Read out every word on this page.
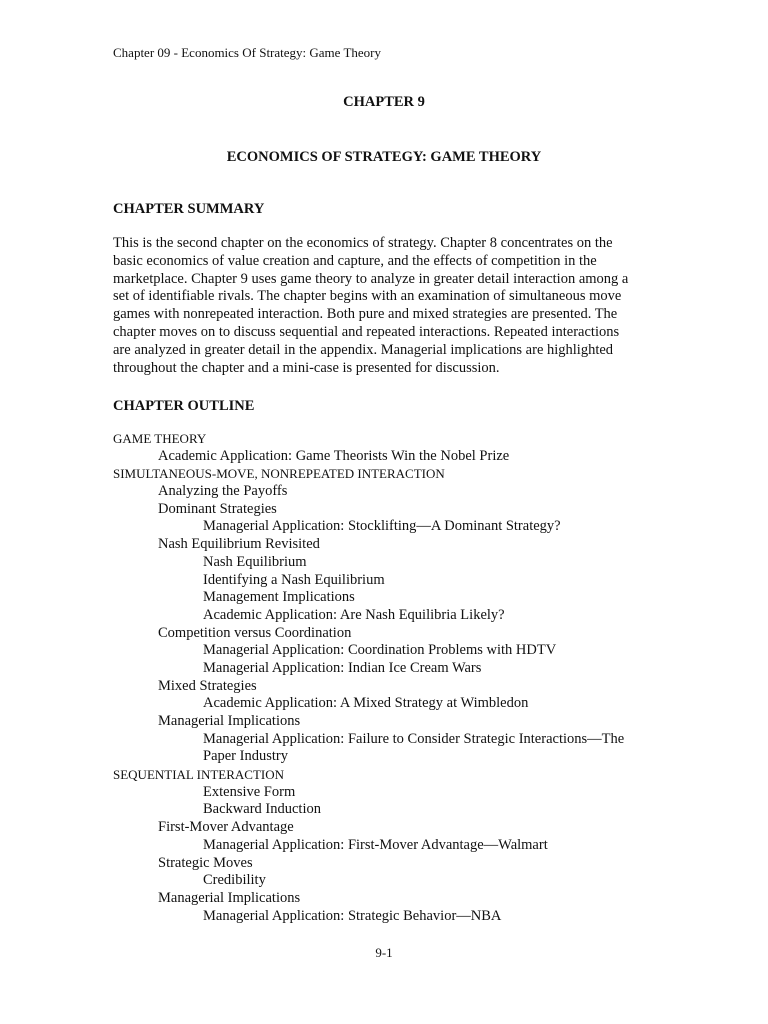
Chapter 09 - Economics Of Strategy: Game Theory
CHAPTER 9
ECONOMICS OF STRATEGY: GAME THEORY
CHAPTER SUMMARY
This is the second chapter on the economics of strategy. Chapter 8 concentrates on the
basic economics of value creation and capture, and the effects of competition in the
marketplace. Chapter 9 uses game theory to analyze in greater detail interaction among a
set of identifiable rivals. The chapter begins with an examination of simultaneous move
games with nonrepeated interaction. Both pure and mixed strategies are presented. The
chapter moves on to discuss sequential and repeated interactions. Repeated interactions
are analyzed in greater detail in the appendix. Managerial implications are highlighted
throughout the chapter and a mini-case is presented for discussion.
CHAPTER OUTLINE
GAME THEORY
Academic Application: Game Theorists Win the Nobel Prize
SIMULTANEOUS-MOVE, NONREPEATED INTERACTION
Analyzing the Payoffs
Dominant Strategies
Managerial Application: Stocklifting—A Dominant Strategy?
Nash Equilibrium Revisited
Nash Equilibrium
Identifying a Nash Equilibrium
Management Implications
Academic Application: Are Nash Equilibria Likely?
Competition versus Coordination
Managerial Application: Coordination Problems with HDTV
Managerial Application: Indian Ice Cream Wars
Mixed Strategies
Academic Application: A Mixed Strategy at Wimbledon
Managerial Implications
Managerial Application: Failure to Consider Strategic Interactions—The
Paper Industry
SEQUENTIAL INTERACTION
Extensive Form
Backward Induction
First-Mover Advantage
Managerial Application: First-Mover Advantage—Walmart
Strategic Moves
Credibility
Managerial Implications
Managerial Application: Strategic Behavior—NBA
9-1
